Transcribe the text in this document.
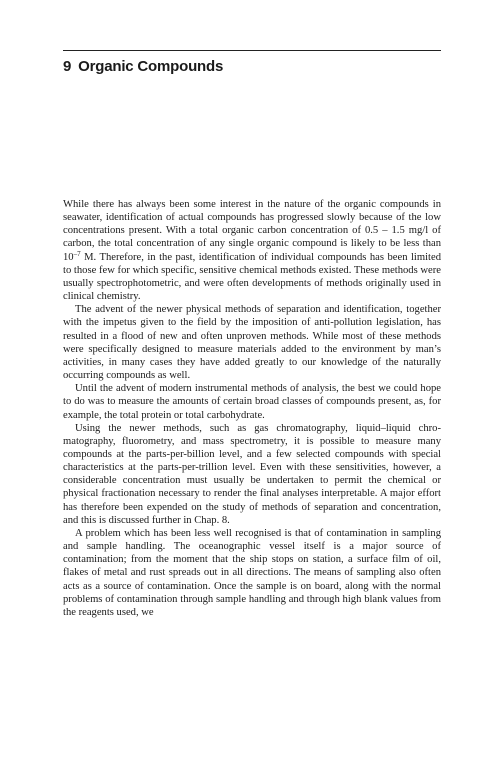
9 Organic Compounds

While there has always been some interest in the nature of the organic compounds in seawater, identification of actual compounds has progressed slowly because of the low concentrations present. With a total organic carbon concentration of 0.5 – 1.5 mg/l of carbon, the total concentration of any single organic compound is likely to be less than $10^{-7}$ M. Therefore, in the past, identification of individual compounds has been limited to those few for which specific, sensitive chemical methods existed. These methods were usually spectrophotometric, and were often developments of methods originally used in clinical chemistry.

The advent of the newer physical methods of separation and identification, together with the impetus given to the field by the imposition of anti-pollution legislation, has resulted in a flood of new and often unproven methods. While most of these methods were specifically designed to measure materials added to the environment by man’s activities, in many cases they have added greatly to our knowledge of the naturally occurring compounds as well.

Until the advent of modern instrumental methods of analysis, the best we could hope to do was to measure the amounts of certain broad classes of compounds present, as, for example, the total protein or total carbohydrate.

Using the newer methods, such as gas chromatography, liquid–liquid chromatography, fluorometry, and mass spectrometry, it is possible to measure many compounds at the parts-per-billion level, and a few selected compounds with special characteristics at the parts-per-trillion level. Even with these sensitivities, however, a considerable concentration must usually be undertaken to permit the chemical or physical fractionation necessary to render the final analyses interpretable. A major effort has therefore been expended on the study of methods of separation and concentration, and this is discussed further in Chap. 8.

A problem which has been less well recognised is that of contamination in sampling and sample handling. The oceanographic vessel itself is a major source of contamination; from the moment that the ship stops on station, a surface film of oil, flakes of metal and rust spreads out in all directions. The means of sampling also often acts as a source of contamination. Once the sample is on board, along with the normal problems of contamination through sample handling and through high blank values from the reagents used, we
